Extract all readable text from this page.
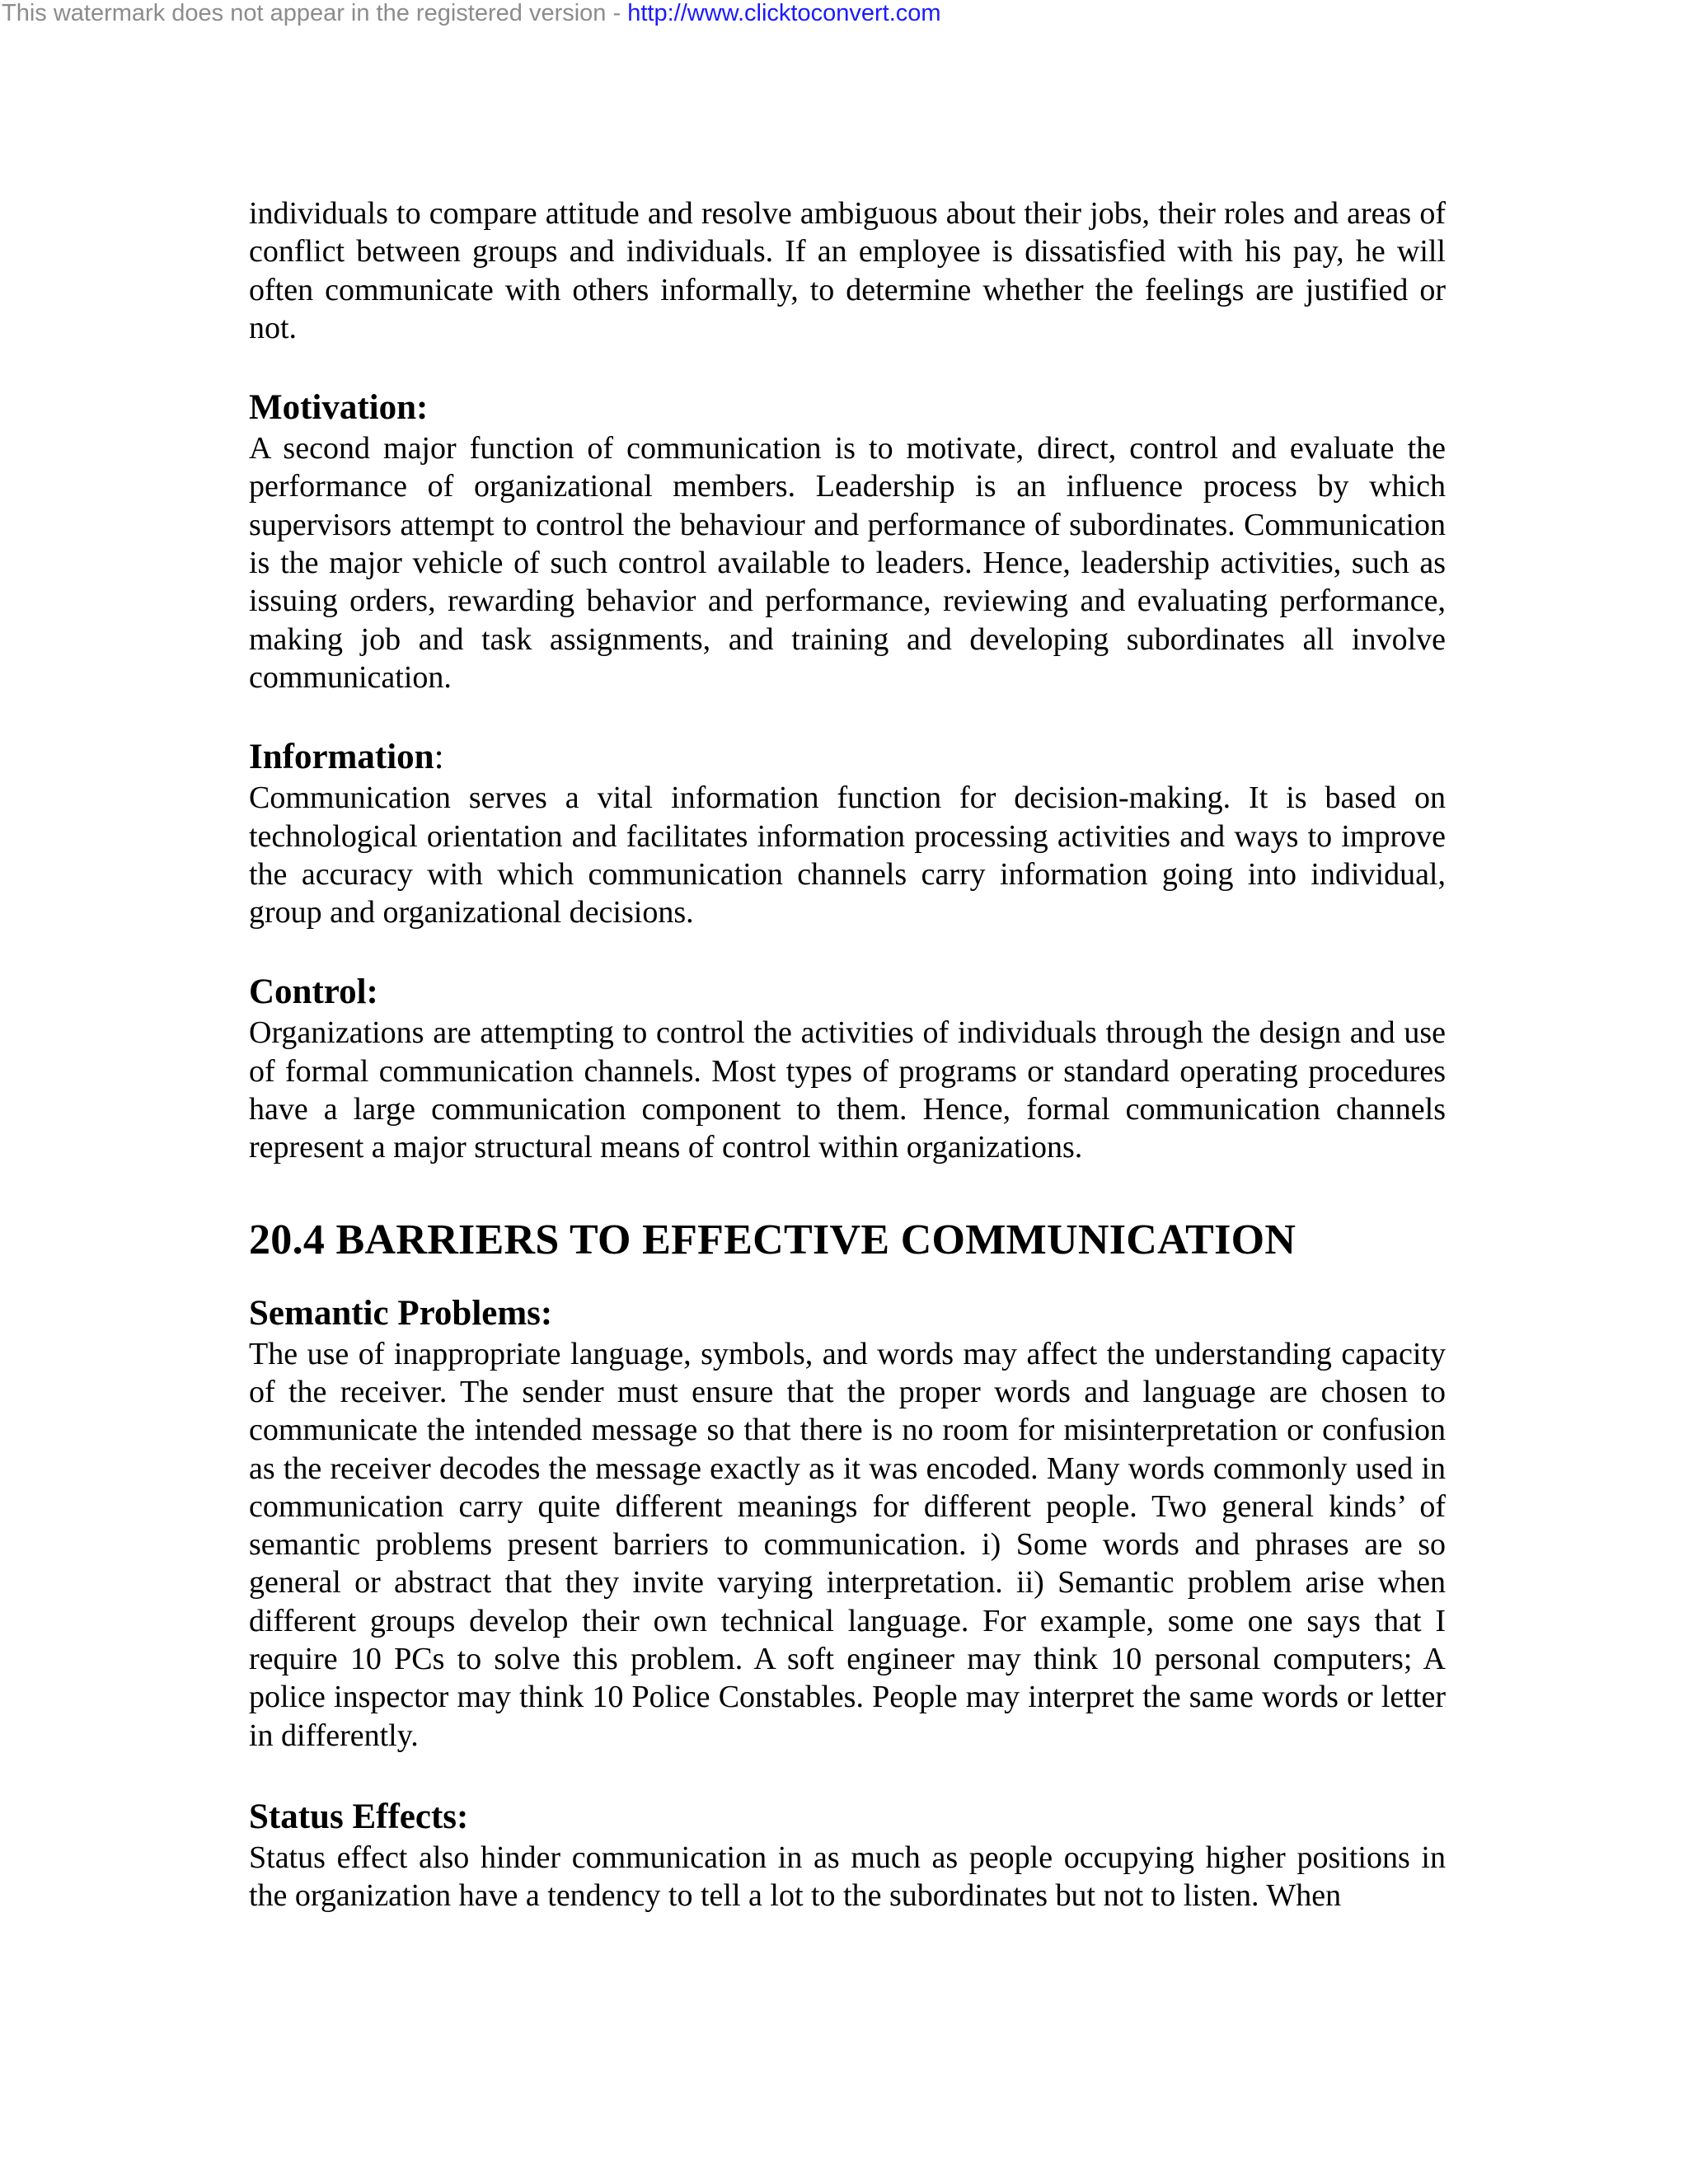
This watermark does not appear in the registered version - http://www.clicktoconvert.com

individuals to compare attitude and resolve ambiguous about their jobs, their roles and areas of conflict between groups and individuals. If an employee is dissatisfied with his pay, he will often communicate with others informally, to determine whether the feelings are justified or not.

Motivation:

A second major function of communication is to motivate, direct, control and evaluate the performance of organizational members. Leadership is an influence process by which supervisors attempt to control the behaviour and performance of subordinates. Communication is the major vehicle of such control available to leaders. Hence, leadership activities, such as issuing orders, rewarding behavior and performance, reviewing and evaluating performance, making job and task assignments, and training and developing subordinates all involve communication.

Information:

Communication serves a vital information function for decision-making. It is based on technological orientation and facilitates information processing activities and ways to improve the accuracy with which communication channels carry information going into individual, group and organizational decisions.

Control:

Organizations are attempting to control the activities of individuals through the design and use of formal communication channels. Most types of programs or standard operating procedures have a large communication component to them. Hence, formal communication channels represent a major structural means of control within organizations.

20.4 BARRIERS TO EFFECTIVE COMMUNICATION
Semantic Problems:

The use of inappropriate language, symbols, and words may affect the understanding capacity of the receiver. The sender must ensure that the proper words and language are chosen to communicate the intended message so that there is no room for misinterpretation or confusion as the receiver decodes the message exactly as it was encoded. Many words commonly used in communication carry quite different meanings for different people. Two general kinds’ of semantic problems present barriers to communication. i) Some words and phrases are so general or abstract that they invite varying interpretation. ii) Semantic problem arise when different groups develop their own technical language. For example, some one says that I require 10 PCs to solve this problem. A soft engineer may think 10 personal computers; A police inspector may think 10 Police Constables. People may interpret the same words or letter in differently.

Status Effects:

Status effect also hinder communication in as much as people occupying higher positions in the organization have a tendency to tell a lot to the subordinates but not to listen. When
